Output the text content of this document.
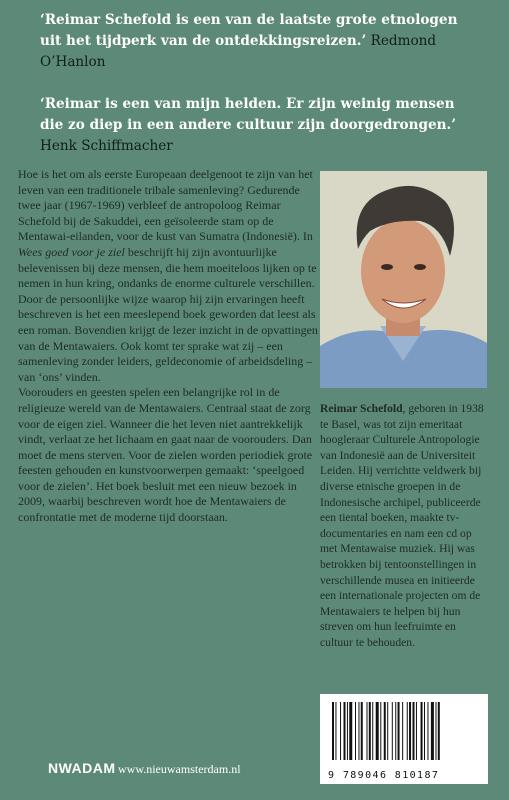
‘Reimar Schefold is een van de laatste grote etnologen uit het tijdperk van de ontdekkingsreizen.’ Redmond O’Hanlon
‘Reimar is een van mijn helden. Er zijn weinig mensen die zo diep in een andere cultuur zijn doorgedrongen.’ Henk Schiffmacher

Hoe is het om als eerste Europeaan deelgenoot te zijn van het leven van een traditionele tribale samenleving? Gedurende twee jaar (1967-1969) verbleef de antropoloog Reimar Schefold bij de Sakuddei, een geïsoleerde stam op de Mentawai-eilanden, voor de kust van Sumatra (Indonesië). In Wees goed voor je ziel beschrijft hij zijn avontuurlijke belevenissen bij deze mensen, die hem moeiteloos lijken op te nemen in hun kring, ondanks de enorme culturele verschillen. Door de persoonlijke wijze waarop hij zijn ervaringen heeft beschreven is het een meeslepend boek geworden dat leest als een roman. Bovendien krijgt de lezer inzicht in de opvattingen van de Mentawaiers. Ook komt ter sprake wat zij – een samenleving zonder leiders, geldeconomie of arbeidsdeling – van ‘ons’ vinden.

Voorouders en geesten spelen een belangrijke rol in de religieuze wereld van de Mentawaiers. Centraal staat de zorg voor de eigen ziel. Wanneer die het leven niet aantrekkelijk vindt, verlaat ze het lichaam en gaat naar de voorouders. Dan moet de mens sterven. Voor de zielen worden periodiek grote feesten gehouden en kunstvoorwerpen gemaakt: ‘speelgoed voor de zielen’. Het boek besluit met een nieuw bezoek in 2009, waarbij beschreven wordt hoe de Mentawaiers de confrontatie met de moderne tijd doorstaan.

Reimar Schefold, geboren in 1938 te Basel, was tot zijn emeritaat hoogleraar Culturele Antropologie van Indonesië aan de Universiteit Leiden. Hij verrichtte veldwerk bij diverse etnische groepen in de Indonesische archipel, publiceerde een tiental boeken, maakte tv-documentaries en nam een cd op met Mentawaise muziek. Hij was betrokken bij tentoonstellingen in verschillende musea en initieerde een internationale projecten om de Mentawaiers te helpen bij hun streven om hun leefruimte en cultuur te behouden.
9 789046 810187
NWADAM www.nieuwamsterdam.nl
